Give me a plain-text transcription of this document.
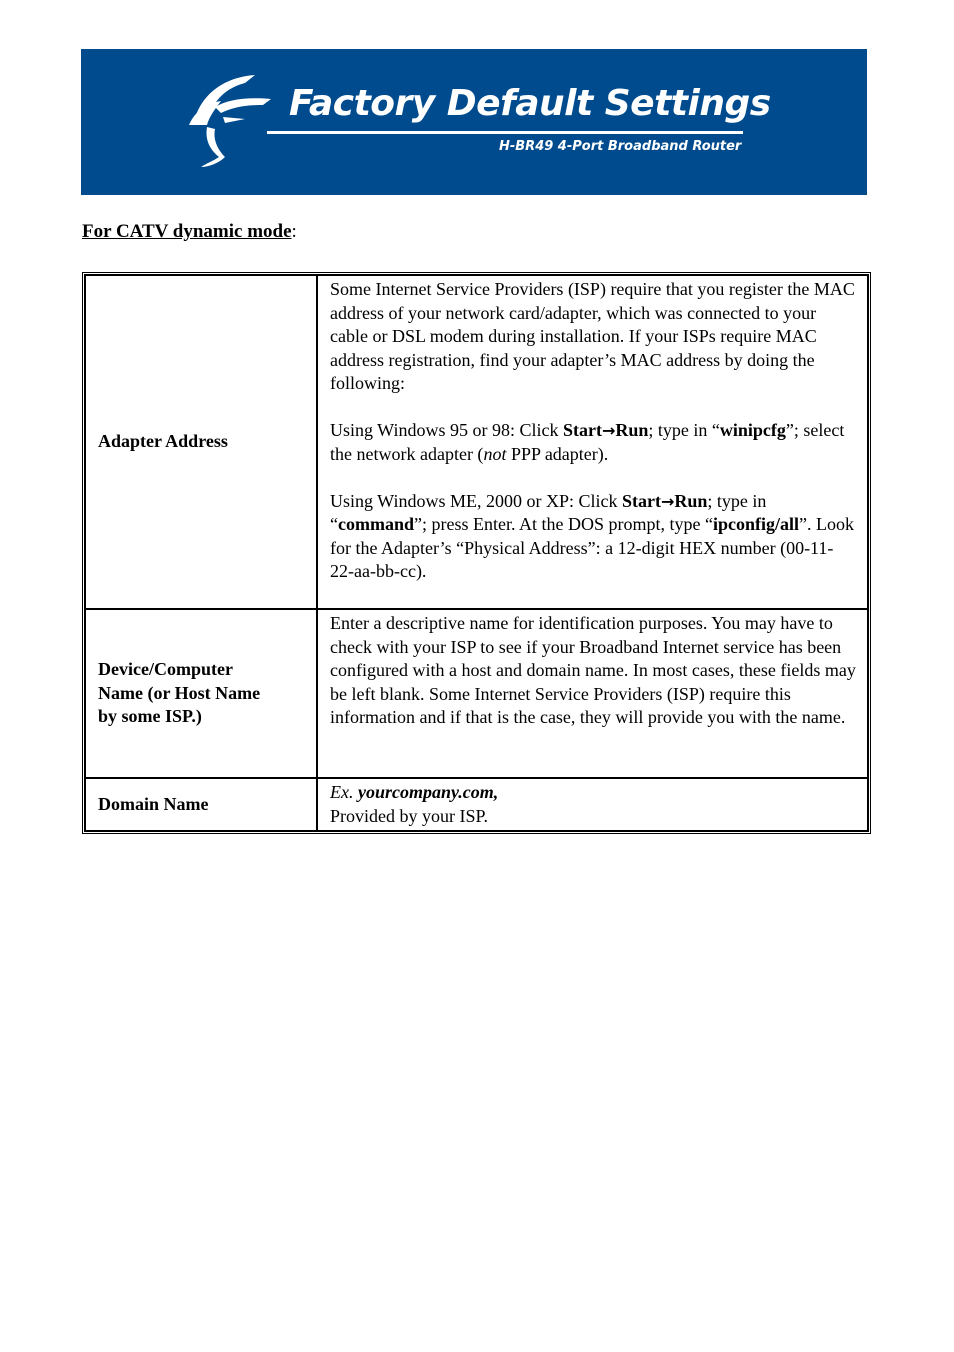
Factory Default Settings
H-BR49 4-Port Broadband Router
For CATV dynamic mode:
Adapter Address	Some Internet Service Providers (ISP) require that you register the MAC address of your network card/adapter, which was connected to your cable or DSL modem during installation. If your ISPs require MAC address registration, find your adapter’s MAC address by doing the following:

Using Windows 95 or 98: Click Start→Run; type in “winipcfg”; select the network adapter (not PPP adapter).

Using Windows ME, 2000 or XP: Click Start→Run; type in “command”; press Enter. At the DOS prompt, type “ipconfig/all”. Look for the Adapter’s “Physical Address”: a 12-digit HEX number (00-11-22-aa-bb-cc).

Device/Computer Name (or Host Name by some ISP.)	Enter a descriptive name for identification purposes. You may have to check with your ISP to see if your Broadband Internet service has been configured with a host and domain name. In most cases, these fields may be left blank. Some Internet Service Providers (ISP) require this information and if that is the case, they will provide you with the name.

Domain Name	Ex. yourcompany.com,
Provided by your ISP.
